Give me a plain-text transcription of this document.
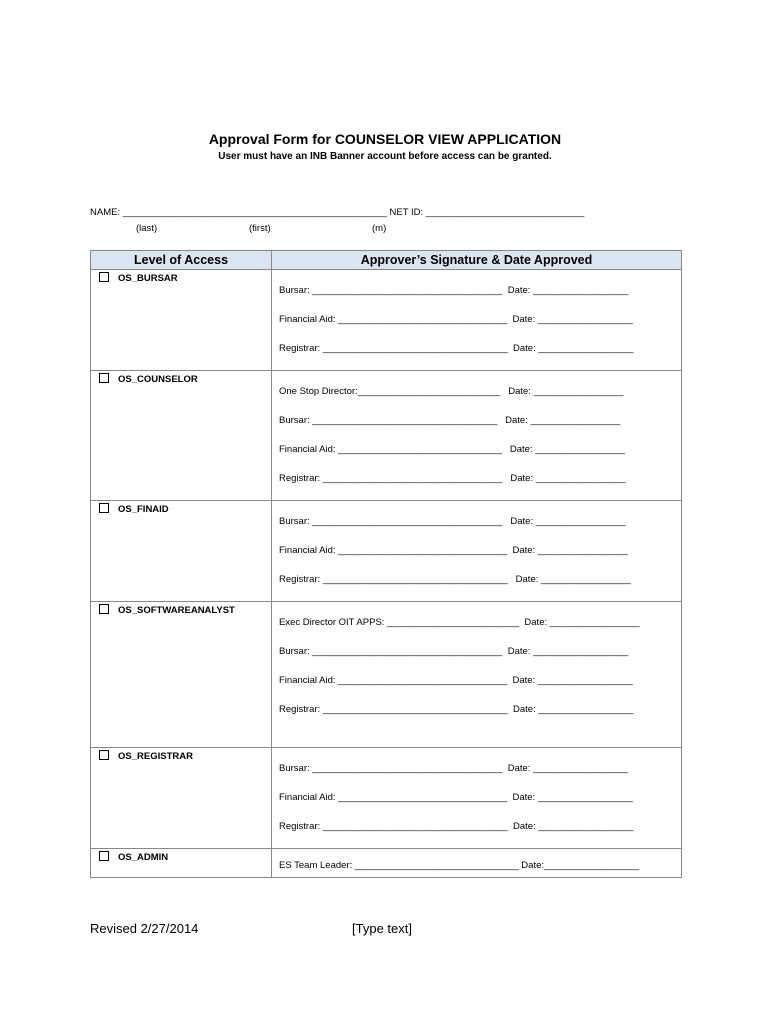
Approval Form for COUNSELOR VIEW APPLICATION
User must have an INB Banner account before access can be granted.
NAME: __________________________________________________ NET ID: ______________________________
(last)	(first)	(m)
Level of Access	Approver’s Signature & Date Approved

OS_BURSAR	Bursar: ____________________________________  Date: __________________
Financial Aid: ________________________________  Date: __________________
Registrar: ___________________________________  Date: __________________

OS_COUNSELOR	One Stop Director:___________________________   Date: _________________
Bursar: ___________________________________   Date: _________________
Financial Aid: _______________________________   Date: _________________
Registrar: __________________________________   Date: _________________

OS_FINAID	Bursar: ____________________________________   Date: _________________
Financial Aid: ________________________________  Date: _________________
Registrar: ___________________________________   Date: _________________

OS_SOFTWAREANALYST	Exec Director OIT APPS: _________________________  Date: _________________
Bursar: ____________________________________  Date: __________________
Financial Aid: ________________________________  Date: __________________
Registrar: ___________________________________  Date: __________________

OS_REGISTRAR	Bursar: ____________________________________  Date: __________________
Financial Aid: ________________________________  Date: __________________
Registrar: ___________________________________  Date: __________________

OS_ADMIN	ES Team Leader: _______________________________ Date:__________________
Revised 2/27/2014	[Type text]
